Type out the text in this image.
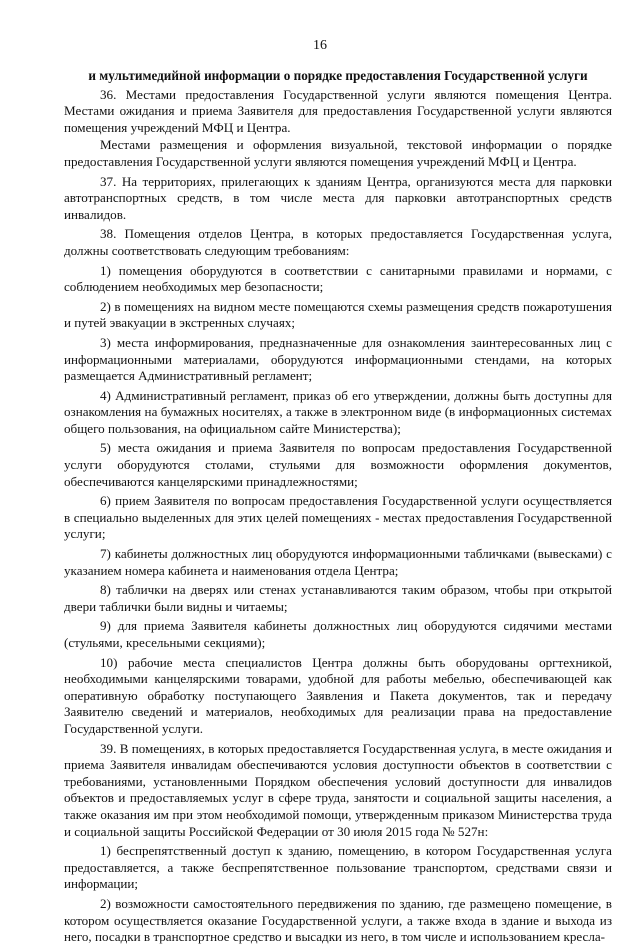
16
и мультимедийной информации о порядке предоставления Государственной услуги
36. Местами предоставления Государственной услуги являются помещения Центра. Местами ожидания и приема Заявителя для предоставления Государственной услуги являются помещения учреждений МФЦ и Центра.
Местами размещения и оформления визуальной, текстовой информации о порядке предоставления Государственной услуги являются помещения учреждений МФЦ и Центра.
37. На территориях, прилегающих к зданиям Центра, организуются места для парковки автотранспортных средств, в том числе места для парковки автотранспортных средств инвалидов.
38. Помещения отделов Центра, в которых предоставляется Государственная услуга, должны соответствовать следующим требованиям:
1) помещения оборудуются в соответствии с санитарными правилами и нормами, с соблюдением необходимых мер безопасности;
2) в помещениях на видном месте помещаются схемы размещения средств пожаротушения и путей эвакуации в экстренных случаях;
3) места информирования, предназначенные для ознакомления заинтересованных лиц с информационными материалами, оборудуются информационными стендами, на которых размещается Административный регламент;
4) Административный регламент, приказ об его утверждении, должны быть доступны для ознакомления на бумажных носителях, а также в электронном виде (в информационных системах общего пользования, на официальном сайте Министерства);
5) места ожидания и приема Заявителя по вопросам предоставления Государственной услуги оборудуются столами, стульями для возможности оформления документов, обеспечиваются канцелярскими принадлежностями;
6) прием Заявителя по вопросам предоставления Государственной услуги осуществляется в специально выделенных для этих целей помещениях - местах предоставления Государственной услуги;
7) кабинеты должностных лиц оборудуются информационными табличками (вывесками) с указанием номера кабинета и наименования отдела Центра;
8) таблички на дверях или стенах устанавливаются таким образом, чтобы при открытой двери таблички были видны и читаемы;
9) для приема Заявителя кабинеты должностных лиц оборудуются сидячими местами (стульями, кресельными секциями);
10) рабочие места специалистов Центра должны быть оборудованы оргтехникой, необходимыми канцелярскими товарами, удобной для работы мебелью, обеспечивающей как оперативную обработку поступающего Заявления и Пакета документов, так и передачу Заявителю сведений и материалов, необходимых для реализации права на предоставление Государственной услуги.
39. В помещениях, в которых предоставляется Государственная услуга, в месте ожидания и приема Заявителя инвалидам обеспечиваются условия доступности объектов в соответствии с требованиями, установленными Порядком обеспечения условий доступности для инвалидов объектов и предоставляемых услуг в сфере труда, занятости и социальной защиты населения, а также оказания им при этом необходимой помощи, утвержденным приказом Министерства труда и социальной защиты Российской Федерации от 30 июля 2015 года № 527н:
1) беспрепятственный доступ к зданию, помещению, в котором Государственная услуга предоставляется, а также беспрепятственное пользование транспортом, средствами связи и информации;
2) возможности самостоятельного передвижения по зданию, где размещено помещение, в котором осуществляется оказание Государственной услуги, а также входа в здание и выхода из него, посадки в транспортное средство и высадки из него, в том числе и использованием кресла-
